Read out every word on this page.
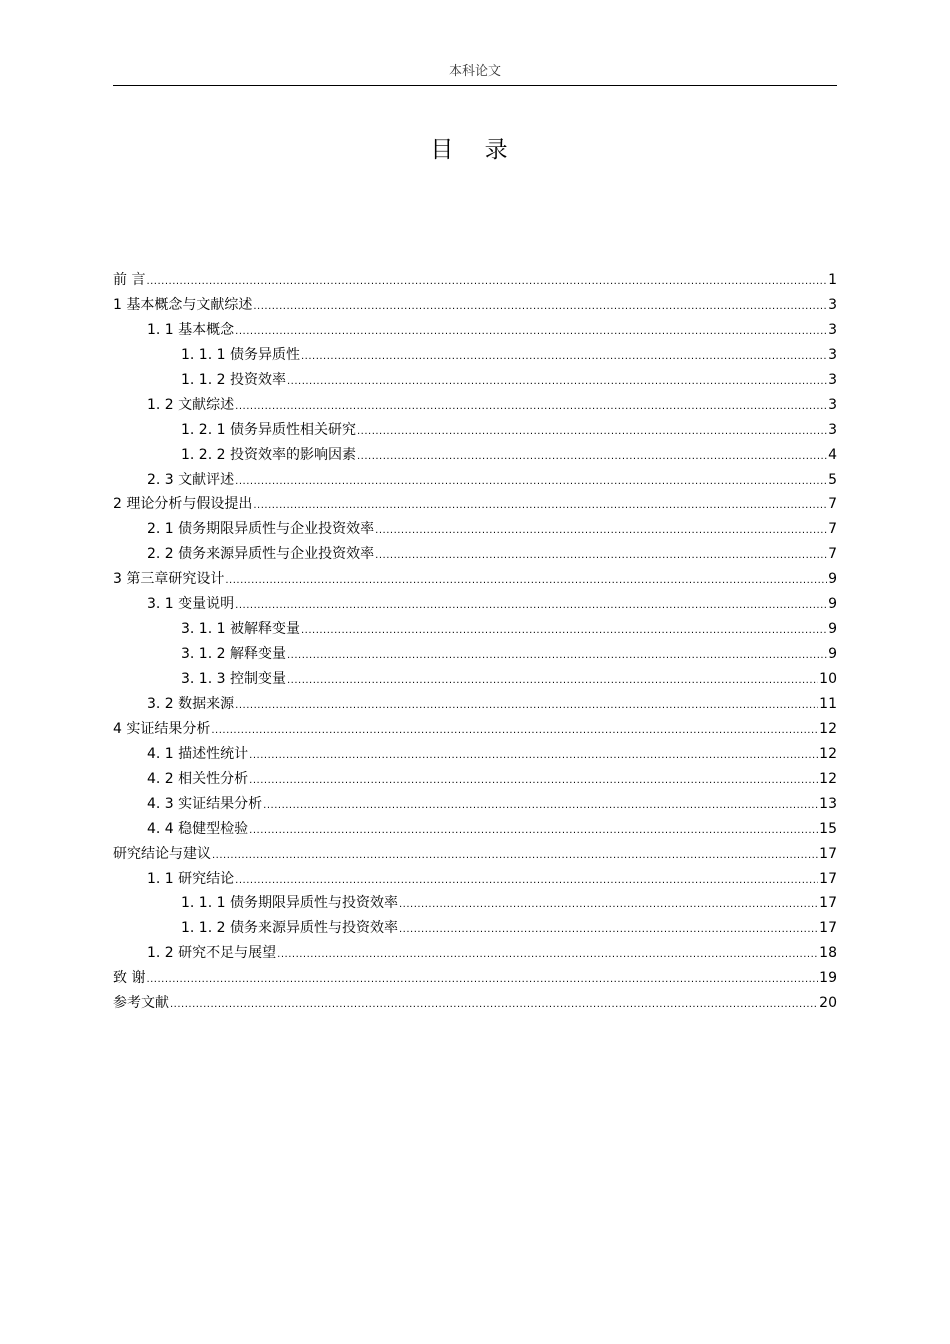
本科论文
目 录
前 言 .....	1
1 基本概念与文献综述 .....	3
1. 1 基本概念 .....	3
1. 1. 1 债务异质性 .....	3
1. 1. 2 投资效率 .....	3
1. 2 文献综述 .....	3
1. 2. 1 债务异质性相关研究 .....	3
1. 2. 2 投资效率的影响因素 .....	4
2. 3 文献评述 .....	5
2 理论分析与假设提出 .....	7
2. 1 债务期限异质性与企业投资效率 .....	7
2. 2 债务来源异质性与企业投资效率 .....	7
3 第三章研究设计 .....	9
3. 1 变量说明 .....	9
3. 1. 1 被解释变量 .....	9
3. 1. 2 解释变量 .....	9
3. 1. 3 控制变量 .....	10
3. 2 数据来源 .....	11
4 实证结果分析 .....	12
4. 1 描述性统计 .....	12
4. 2 相关性分析 .....	12
4. 3 实证结果分析 .....	13
4. 4 稳健型检验 .....	15
研究结论与建议 .....	17
1. 1 研究结论 .....	17
1. 1. 1 债务期限异质性与投资效率 .....	17
1. 1. 2 债务来源异质性与投资效率 .....	17
1. 2 研究不足与展望 .....	18
致 谢 .....	19
参考文献 .....	20
